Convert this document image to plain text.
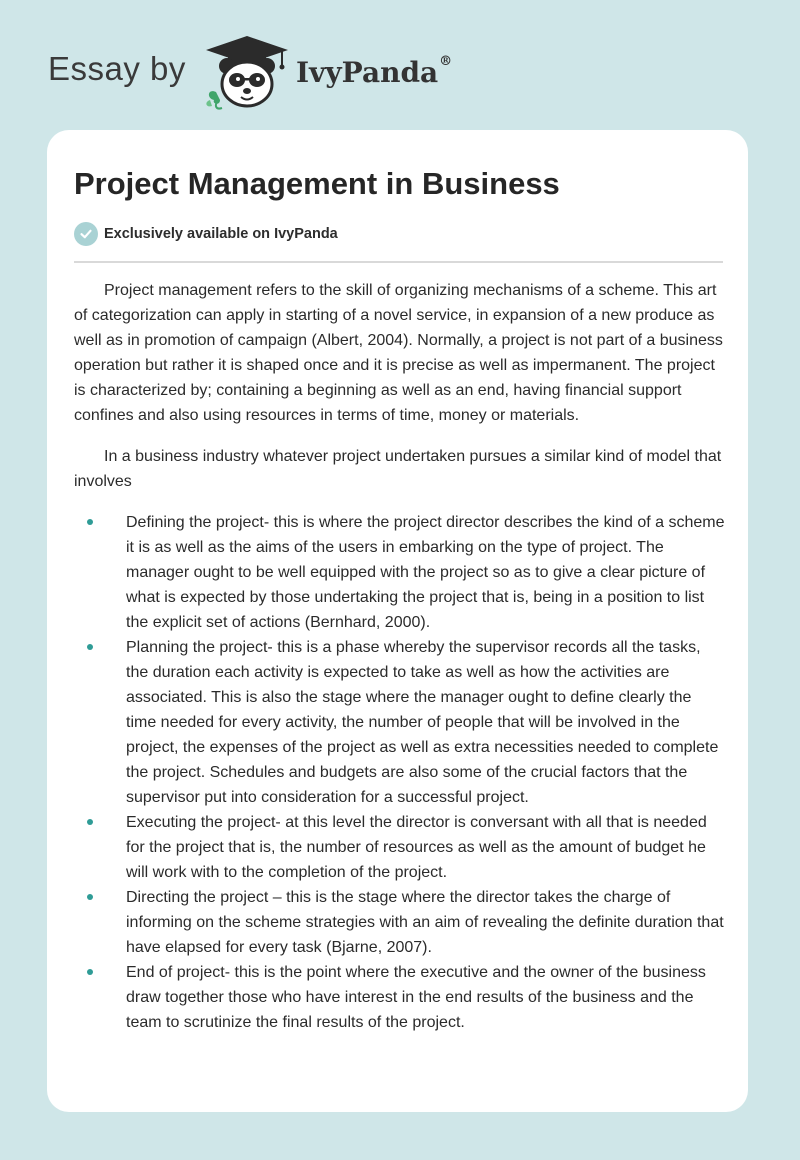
Essay by	IvyPanda®
Project Management in Business
Exclusively available on IvyPanda

Project management refers to the skill of organizing mechanisms of a scheme. This art of categorization can apply in starting of a novel service, in expansion of a new produce as well as in promotion of campaign (Albert, 2004). Normally, a project is not part of a business operation but rather it is shaped once and it is precise as well as impermanent. The project is characterized by; containing a beginning as well as an end, having financial support confines and also using resources in terms of time, money or materials.

In a business industry whatever project undertaken pursues a similar kind of model that involves

Defining the project- this is where the project director describes the kind of a scheme it is as well as the aims of the users in embarking on the type of project. The manager ought to be well equipped with the project so as to give a clear picture of what is expected by those undertaking the project that is, being in a position to list the explicit set of actions (Bernhard, 2000).
Planning the project- this is a phase whereby the supervisor records all the tasks, the duration each activity is expected to take as well as how the activities are associated. This is also the stage where the manager ought to define clearly the time needed for every activity, the number of people that will be involved in the project, the expenses of the project as well as extra necessities needed to complete the project. Schedules and budgets are also some of the crucial factors that the supervisor put into consideration for a successful project.
Executing the project- at this level the director is conversant with all that is needed for the project that is, the number of resources as well as the amount of budget he will work with to the completion of the project.
Directing the project – this is the stage where the director takes the charge of informing on the scheme strategies with an aim of revealing the definite duration that have elapsed for every task (Bjarne, 2007).
End of project- this is the point where the executive and the owner of the business draw together those who have interest in the end results of the business and the team to scrutinize the final results of the project.
